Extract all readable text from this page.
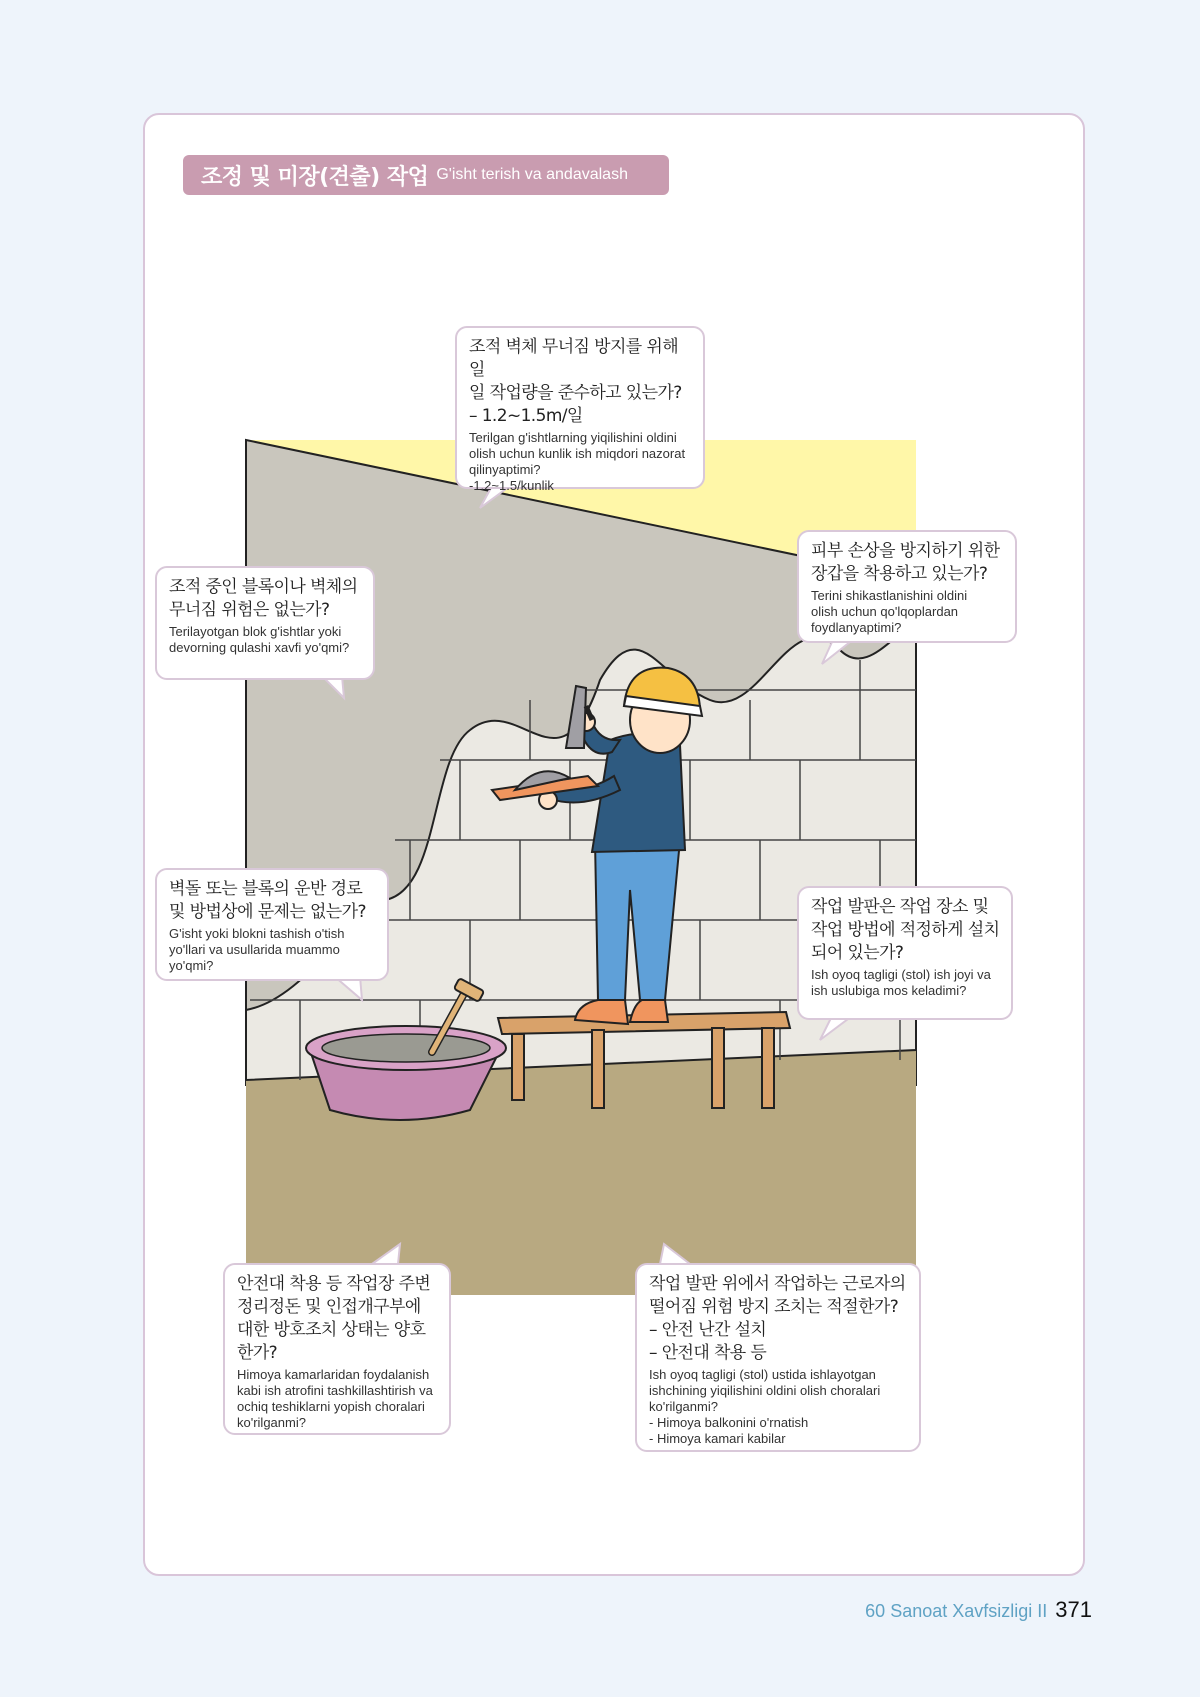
조정 및 미장(견출) 작업 G'isht terish va andavalash
조적 벽체 무너짐 방지를 위해 일
일 작업량을 준수하고 있는가?
– 1.2~1.5m/일
Terilgan g'ishtlarning yiqilishini oldini
olish uchun kunlik ish miqdori nazorat
qilinyaptimi?
-1.2~1.5/kunlik
피부 손상을 방지하기 위한
장갑을 착용하고 있는가?
Terini shikastlanishini oldini
olish uchun qo'lqoplardan
foydlanyaptimi?
조적 중인 블록이나 벽체의
무너짐 위험은 없는가?
Terilayotgan blok g'ishtlar yoki
devorning qulashi xavfi yo'qmi?
벽돌 또는 블록의 운반 경로
및 방법상에 문제는 없는가?
G'isht yoki blokni tashish o'tish
yo'llari va usullarida muammo
yo'qmi?
작업 발판은 작업 장소 및
작업 방법에 적정하게 설치
되어 있는가?
Ish oyoq tagligi (stol) ish joyi va
ish uslubiga mos keladimi?
안전대 착용 등 작업장 주변
정리정돈 및 인접개구부에
대한 방호조치 상태는 양호
한가?
Himoya kamarlaridan foydalanish
kabi ish atrofini tashkillashtirish va
ochiq teshiklarni yopish choralari
ko'rilganmi?
작업 발판 위에서 작업하는 근로자의
떨어짐 위험 방지 조치는 적절한가?
– 안전 난간 설치
– 안전대 착용 등
Ish oyoq tagligi (stol) ustida ishlayotgan
ishchining yiqilishini oldini olish choralari
ko'rilganmi?
- Himoya balkonini o'rnatish
- Himoya kamari kabilar
60 Sanoat Xavfsizligi II 371
